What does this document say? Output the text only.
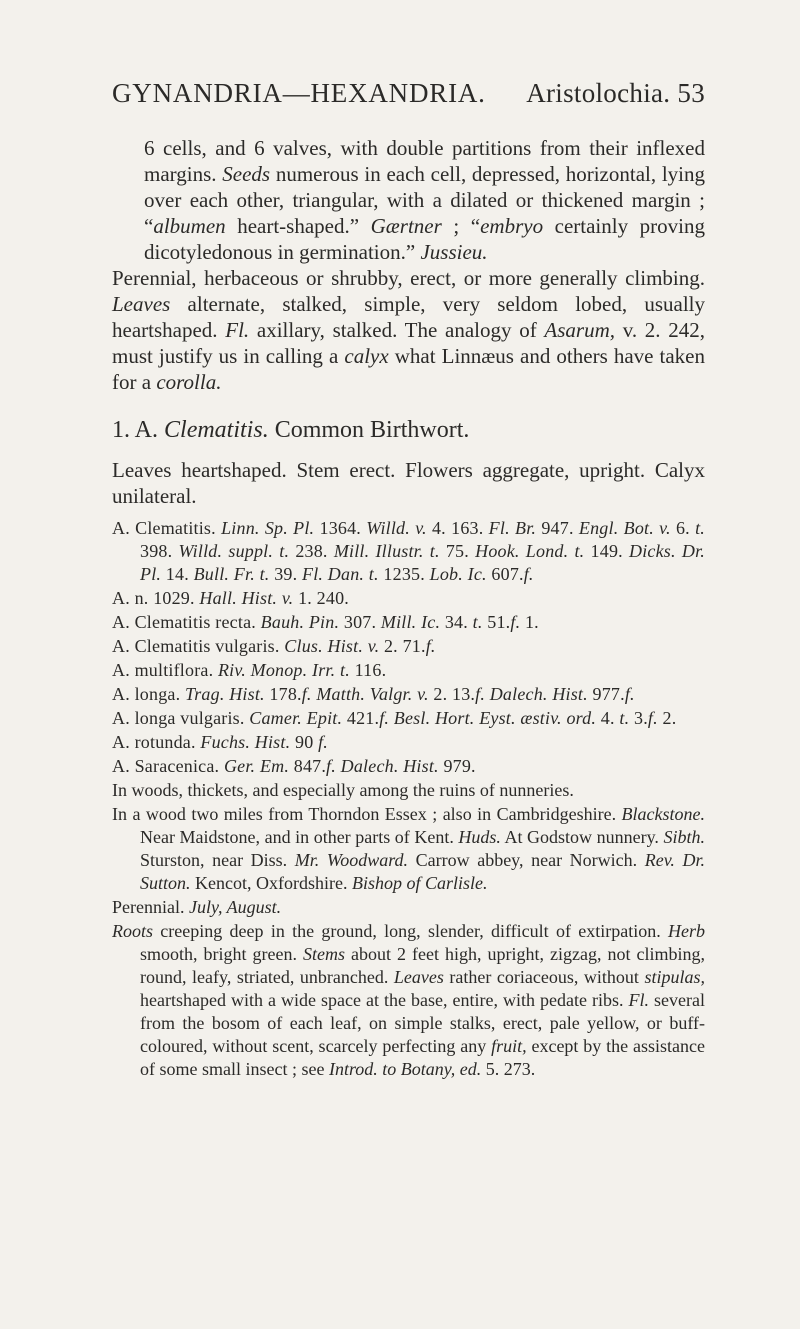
GYNANDRIA—HEXANDRIA. Aristolochia. 53

6 cells, and 6 valves, with double partitions from their inflexed margins. Seeds numerous in each cell, depressed, horizontal, lying over each other, triangular, with a dilated or thickened margin ; “albumen heart-shaped.” Gærtner ; “embryo certainly proving dicotyledonous in germination.” Jussieu.

Perennial, herbaceous or shrubby, erect, or more generally climbing. Leaves alternate, stalked, simple, very seldom lobed, usually heartshaped. Fl. axillary, stalked. The analogy of Asarum, v. 2. 242, must justify us in calling a calyx what Linnæus and others have taken for a corolla.

1. A. Clematitis. Common Birthwort.

Leaves heartshaped. Stem erect. Flowers aggregate, upright. Calyx unilateral.

A. Clematitis. Linn. Sp. Pl. 1364. Willd. v. 4. 163. Fl. Br. 947. Engl. Bot. v. 6. t. 398. Willd. suppl. t. 238. Mill. Illustr. t. 75. Hook. Lond. t. 149. Dicks. Dr. Pl. 14. Bull. Fr. t. 39. Fl. Dan. t. 1235. Lob. Ic. 607.f.

A. n. 1029. Hall. Hist. v. 1. 240.

A. Clematitis recta. Bauh. Pin. 307. Mill. Ic. 34. t. 51.f. 1.

A. Clematitis vulgaris. Clus. Hist. v. 2. 71.f.

A. multiflora. Riv. Monop. Irr. t. 116.

A. longa. Trag. Hist. 178.f. Matth. Valgr. v. 2. 13.f. Dalech. Hist. 977.f.

A. longa vulgaris. Camer. Epit. 421.f. Besl. Hort. Eyst. æstiv. ord. 4. t. 3.f. 2.

A. rotunda. Fuchs. Hist. 90 f.

A. Saracenica. Ger. Em. 847.f. Dalech. Hist. 979.

In woods, thickets, and especially among the ruins of nunneries.

In a wood two miles from Thorndon Essex ; also in Cambridgeshire. Blackstone. Near Maidstone, and in other parts of Kent. Huds. At Godstow nunnery. Sibth. Sturston, near Diss. Mr. Woodward. Carrow abbey, near Norwich. Rev. Dr. Sutton. Kencot, Oxfordshire. Bishop of Carlisle.

Perennial. July, August.

Roots creeping deep in the ground, long, slender, difficult of extirpation. Herb smooth, bright green. Stems about 2 feet high, upright, zigzag, not climbing, round, leafy, striated, unbranched. Leaves rather coriaceous, without stipulas, heartshaped with a wide space at the base, entire, with pedate ribs. Fl. several from the bosom of each leaf, on simple stalks, erect, pale yellow, or buff-coloured, without scent, scarcely perfecting any fruit, except by the assistance of some small insect ; see Introd. to Botany, ed. 5. 273.
